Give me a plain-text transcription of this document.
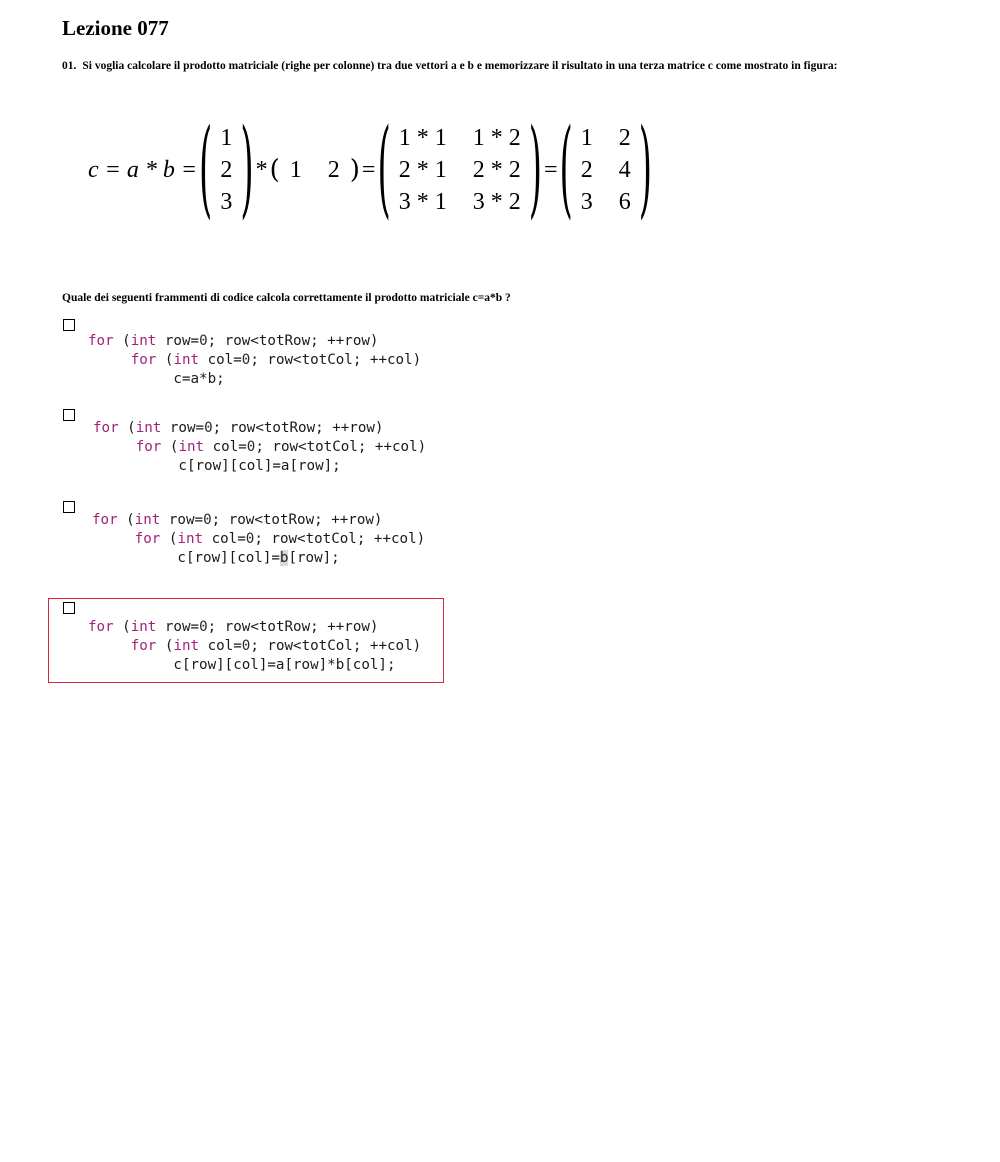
Lezione 077
01. Si voglia calcolare il prodotto matriciale (righe per colonne) tra due vettori a e b e memorizzare il risultato in una terza matrice c come mostrato in figura:
c = a * b = ( 1
2
3 ) * ( 1 2 ) = ( 1 * 1 1 * 2
2 * 1 2 * 2
3 * 1 3 * 2 ) = ( 1 2
2 4
3 6 )
Quale dei seguenti frammenti di codice calcola correttamente il prodotto matriciale c=a*b ?
for (int row=0; row<totRow; ++row)
for (int col=0; row<totCol; ++col)
c=a*b;
for (int row=0; row<totRow; ++row)
for (int col=0; row<totCol; ++col)
c[row][col]=a[row];
for (int row=0; row<totRow; ++row)
for (int col=0; row<totCol; ++col)
c[row][col]=b[row];
for (int row=0; row<totRow; ++row)
for (int col=0; row<totCol; ++col)
c[row][col]=a[row]*b[col];
